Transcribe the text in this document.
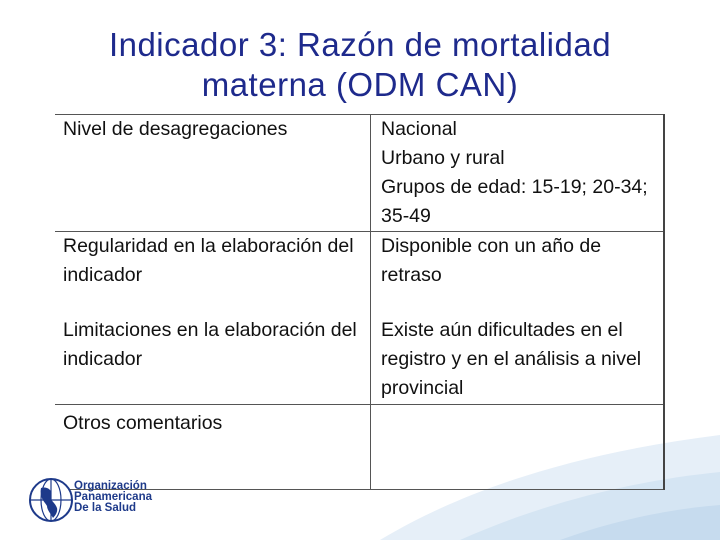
Indicador 3: Razón de mortalidad
materna (ODM CAN)
Nivel de desagregaciones	Nacional
Urbano y rural
Grupos de edad: 15-19; 20-34; 35-49

Regularidad en la elaboración del indicador	Disponible con un año de retraso
Limitaciones en la elaboración del indicador	Existe aún dificultades en el registro y en el análisis a nivel provincial
Otros comentarios	
Organización
Panamericana
De la Salud
